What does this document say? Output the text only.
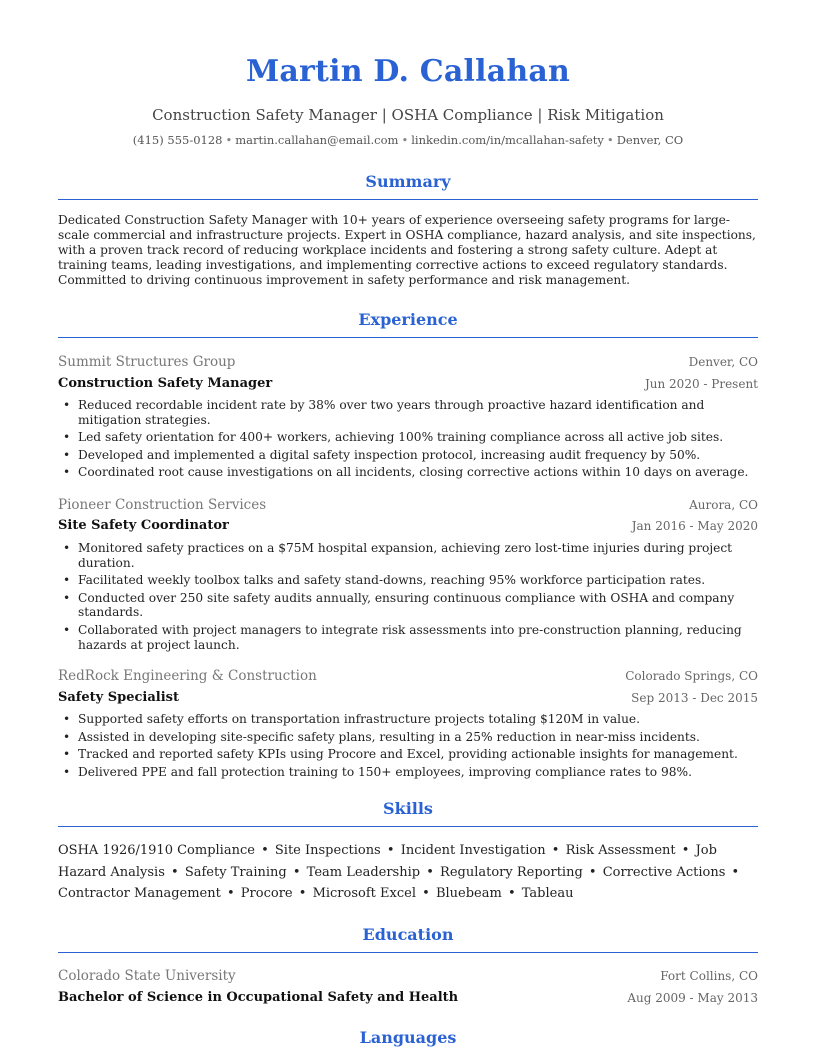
Martin D. Callahan
Construction Safety Manager | OSHA Compliance | Risk Mitigation
(415) 555-0128 • martin.callahan@email.com • linkedin.com/in/mcallahan-safety • Denver, CO
Summary
Dedicated Construction Safety Manager with 10+ years of experience overseeing safety programs for large-scale commercial and infrastructure projects. Expert in OSHA compliance, hazard analysis, and site inspections, with a proven track record of reducing workplace incidents and fostering a strong safety culture. Adept at training teams, leading investigations, and implementing corrective actions to exceed regulatory standards. Committed to driving continuous improvement in safety performance and risk management.
Experience
Summit Structures Group	Denver, CO
Construction Safety Manager	Jun 2020 - Present
• Reduced recordable incident rate by 38% over two years through proactive hazard identification and mitigation strategies.
• Led safety orientation for 400+ workers, achieving 100% training compliance across all active job sites.
• Developed and implemented a digital safety inspection protocol, increasing audit frequency by 50%.
• Coordinated root cause investigations on all incidents, closing corrective actions within 10 days on average.
Pioneer Construction Services	Aurora, CO
Site Safety Coordinator	Jan 2016 - May 2020
• Monitored safety practices on a $75M hospital expansion, achieving zero lost-time injuries during project duration.
• Facilitated weekly toolbox talks and safety stand-downs, reaching 95% workforce participation rates.
• Conducted over 250 site safety audits annually, ensuring continuous compliance with OSHA and company standards.
• Collaborated with project managers to integrate risk assessments into pre-construction planning, reducing hazards at project launch.
RedRock Engineering & Construction	Colorado Springs, CO
Safety Specialist	Sep 2013 - Dec 2015
• Supported safety efforts on transportation infrastructure projects totaling $120M in value.
• Assisted in developing site-specific safety plans, resulting in a 25% reduction in near-miss incidents.
• Tracked and reported safety KPIs using Procore and Excel, providing actionable insights for management.
• Delivered PPE and fall protection training to 150+ employees, improving compliance rates to 98%.
Skills
OSHA 1926/1910 Compliance • Site Inspections • Incident Investigation • Risk Assessment • Job Hazard Analysis • Safety Training • Team Leadership • Regulatory Reporting • Corrective Actions • Contractor Management • Procore • Microsoft Excel • Bluebeam • Tableau
Education
Colorado State University	Fort Collins, CO
Bachelor of Science in Occupational Safety and Health	Aug 2009 - May 2013
Languages
